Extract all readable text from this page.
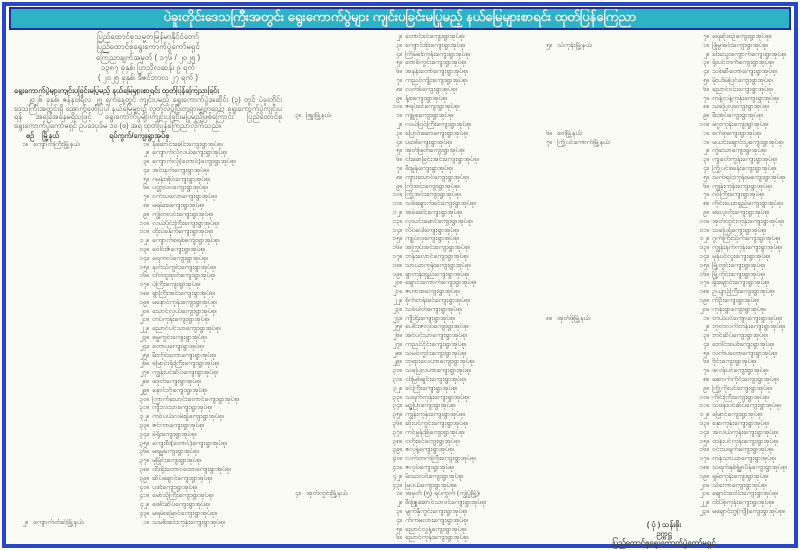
ပဲခူးတိုင်းဒေသကြီးအတွင်း ရွေးကောက်ပွဲများ ကျင်းပခြင်းမပြုမည့် နယ်မြေများစာရင်း ထုတ်ပြန်ကြေညာ
ပြည်ထောင်စုသမ္မတမြန်မာနိုင်ငံတော်
ပြည်ထောင်စုရွေးကောက်ပွဲကော်မရှင်
ကြေညာချက်အမှတ် ( ၁၇၆ / ၂၀၂၅ )
၁၃၈၇ ခုနှစ်၊ ပြာသိုလဆန်း ၉ ရက်
( ၂၀၂၅ ခုနှစ်၊ ဒီဇင်ဘာလ ၂၇ ရက် )
ရွေးကောက်ပွဲများကျင်းပခြင်းမပြုမည့် နယ်မြေများစာရင်း ထုတ်ပြန်ကြေညာခြင်း
၂၀၂၆ ခုနှစ်၊ ဇန်နဝါရီလ ၂၅ ရက်နေ့တွင် ကျင်းပမည့် ရွေးကောက်ပွဲအဆိုင်း (၃) တွင် ပဲခူးတိုင်းဒေသကြီးအတွင်းရှိ အောက်ဖော်ပြပါ နယ်မြေများ၌ လွတ်လပ်ပြီးတရားမျှတသော ရွေးကောက်ပွဲကျင်းပရန် အခြေအနေမရှိသဖြင့် ရွေးကောက်ပွဲများကျင်းပခြင်းမပြုမည့်ဖြစ်ကြောင်း ပြည်ထောင်စုရွေးကောက်ပွဲကော်မရှင် ဥပဒေပုဒ်မ ၁၀ (စ) အရ ထုတ်ပြန်ကြေညာလိုက်သည်။
စဉ် မြို့နယ်	ရပ်ကွက်/ကျေးရွာအုပ်စု
၁။ ကျောက်ကြီးမြို့နယ်	၁။ နီဆောင်းခေါင်းကျေးရွာအုပ်စု၊
၂။ ကျောက်လုံလယ်ကျေးရွာအုပ်စု၊
၃။ ကျောက်လုံ(တောင်)ကျေးရွာအုပ်စု၊
၄။ အင်းနက်ကျေးရွာအုပ်စု၊
၅။ ဂမုန်းအိုင်ကျေးရွာအုပ်စု၊
၆။ ပတ္တလဝကျေးရွာအုပ်စု၊
၇။ ဝက်သလောကျေးရွာအုပ်စု၊
၈။ မရမ်းခကျေးရွာအုပ်စု၊
၉။ ကျွဲတလင်းကျေးရွာအုပ်စု၊
၁၀။ လယ်ပိုင်းကြီးကျေးရွာအုပ်စု၊
၁၁။ ထိုးပဲခနိုက်ကျေးရွာအုပ်စု၊
၁၂။ ကျောက်စရစ်ကျေးရွာအုပ်စု၊
၁၃။ ဝေါင်းဇိကျေးရွာအုပ်စု၊
၁၄။ ရေကလဲကျေးရွာအုပ်စု၊
၁၅။ နတ်သံကွင်းကျေးရွာအုပ်စု၊
၁၆။ င/ဗထူးစုတ်ကျေးရွာအုပ်စု၊
၁၇။ ပဲကြီးကျေးရွာအုပ်စု၊
၁၈။ ရွာကြီးအင်းကျေးရွာအုပ်စု၊
၁၉။ မနောင်ကုန်းကျေးရွာအုပ်စု၊
၂၀။ သောင်လှယ်ကျေးရွာအုပ်စု၊
၂၁။ တပ်ကုန်းကျေးရွာအုပ်စု၊
၂၂။ ညောင်ပင်သာကျေးရွာအုပ်စု၊
၂၃။ ဓမ္မကွင်းကျေးရွာအုပ်စု၊
၂၄။ တောပုကျေးရွာအုပ်စု၊
၂၅။ မီးတိုင်တောကျေးရွာအုပ်စု၊
၂၆။ မြောင်းရိုးကြီးကျေးရွာအုပ်စု၊
၂၇။ ကျွန်းပင်ဆိပ်ကျေးရွာအုပ်စု၊
၂၈။ ဖဒုတ်ကျေးရွာအုပ်စု၊
၂၉။ နောင်ဘိုကျေးရွာအုပ်စု၊
၃၀။ ကြာကံသောင်းတောင်ကျေးရွာအုပ်စု၊
၃၁။ ကျီးလသာကျေးရွာအုပ်စု၊
၃၂။ ကဝ်ပယ်လမ်းခွဲကျေးရွာအုပ်စု၊
၃၃။ ဇင်ကာကျေးရွာအုပ်စု၊
၃၄။ ခဲရိုးကျေးရွာအုပ်စု၊
၃၅။ ကျေးစီး(တောင်)ကျေးရွာအုပ်စု၊
၃၆။ မရမ္မကျေးရွာအုပ်စု၊
၃၇။ မုမြိုင်းကျေးရွာအုပ်စု၊
၃၈။ ထီးရိုးတောဝထောကျေးရွာအုပ်စု၊
၃၉။ ဆိပ်ချောင်ကျေးရွာအုပ်စု၊
၄၀။ ပဒါးကျေးရွာအုပ်စု၊
၄၁။ မော်သိုကြီးကျေးရွာအုပ်စု၊
၄၂။ ဖေါင်ဆိပ်ကျေးရွာအုပ်စု၊
၄၃။ မရမ်းမြောင်ကျေးရွာအုပ်စု။
၂။ ကျောက်တံခါးမြို့နယ်	၁။ သမစိအင်းကုန်းကျေးရွာအုပ်စု၊
၂။ တောင်ခင်ကျေးရွာအုပ်စု၊
၃။ ကျောင်းစိုးကျေးရွာအုပ်စု၊
၄။ ကြိမ်ခါးကုန်းကျေးရွာအုပ်စု၊
၅။ ဗောဓိကွင်းကျေးရွာအုပ်စု၊
၆။ အနန်းတော်ကျေးရွာအုပ်စု၊
၇။ ကညင်ကျိုးကျေးရွာအုပ်စု၊
၈။ လက်ခံကျေးရွာအုပ်စု၊
၉။ နံ့စကျေးရွာအုပ်စု၊
၁၀။ ဇရပ်ခင်ကျေးရွာအုပ်စု၊
၃။ ဖြူးမြို့နယ်	၁။ ကျူစုကျေးရွာအုပ်စု၊
၂။ လယ်ပြင်ကြီးကျေးရွာအုပ်စု၊
၃။ ပြောင်ဆောကျေးရွာအုပ်စု၊
၄။ ပဒေါကျေးရွာအုပ်စု၊
၅။ အုတ်ဖြတ်ကျေးရွာအုပ်စု၊
၆။ ငါးဆေခြင်းအင်းကျေးရွာအုပ်စု၊
၇။ ဓီးမွန်ကျေးရွာအုပ်စု၊
၈။ ကျားသောင်ကျေးရွာအုပ်စု၊
၉။ ကြံအင်းကျေးရွာအုပ်စု၊
၁၀။ ကြို့အင်းကျေးရွာအုပ်စု၊
၁၁။ သစ်ချောက်ခင်ကျေးရွာအုပ်စု၊
၁၂။ အခဲခေါင်ကျေးရွာအုပ်စု၊
၁၃။ လှသင်းမောင်ကျေးရွာအုပ်စု၊
၁၄။ လိပ်ပေါကျေးရွာအုပ်စု၊
၁၅။ ကျုပ်လှကျေးရွာအုပ်စု၊
၁၆။ အကြုပ်အင်းကျေးရွာအုပ်စု၊
၁၇။ ဘန်းလောင်ကျေးရွာအုပ်စု၊
၁၈။ သာယာကုန်းကျေးရွာအုပ်စု၊
၁၉။ ရွာတန်းရှည်ကျေးရွာအုပ်စု၊
၂၀။ ချောင်းကောက်ကျေးရွာအုပ်စု၊
၂၁။ ဇဟာအကျေးရွာအုပ်စု၊
၂၂။ စိုက်တန်းခင်ကျေးရွာအုပ်စု၊
၂၃။ သစ်ပါတ်ကျေးရွာအုပ်စု၊
၂၄။ ကျီးရိုးကျေးရွာအုပ်စု၊
၂၅။ ပေါင်းဇလုပ်ကျေးရွာအုပ်စု၊
၂၆။ အင်ပင်သာကျေးရွာအုပ်စု၊
၂၇။ ကညင်ငိုင်းကျေးရွာအုပ်စု၊
၂၈။ သမင်ကွင်းကျေးရွာအုပ်စု၊
၂၉။ ဘုရားလေဟာကျေးရွာအုပ်စု၊
၃၀။ သပြေလဟာကျေးရွာအုပ်စု၊
၃၁။ ငါးမြစ်ချင်းကျေးရွာအုပ်စု၊
၃၂။ ခင်ကြီးကျေးရွာအုပ်စု၊
၃၃။ သရက်ကုန်းကျေးရွာအုပ်စု၊
၃၄။ မဥ္ဇပြာကျေးရွာအုပ်စု၊
၃၅။ ကျွန်းကုန်းကျေးရွာအုပ်စု၊
၃၆။ ဆိုးပင်ကွင်းကျေးရွာအုပ်စု၊
၃၇။ ကင်မွန်းခြံကျေးရွာအုပ်စု၊
၃၈။ ငတိုးခင်ကျေးရွာအုပ်စု၊
၃၉။ ဇလုန့်ကျေးရွာအုပ်စု၊
၄၀။ လက်တက်ကြီးကျေးရွာအုပ်စု၊
၄၁။ ဇလုပ်ကျေးရွာအုပ်စု၊
၄၂။ မိဿလင်ကျေးရွာအုပ်စု၊
၄၃။ မြပယ်ကျေးရွာအုပ်စု။
၄။ အုတ်တွင်းမြို့နယ်	၁။ အမှတ် (၅) ရပ်ကွက် (ကျွဲပွဲမြို့)၊
၂။ ဓီးဖြူဆောင်သာဝင်ကျေးရွာအုပ်စု၊
၃။ မျက်နှီကွင်းကျေးရွာအုပ်စု၊
၄။ ကံကမလားကျေးရွာအုပ်စု၊
၅။ ညောင်လွန့်ကျေးရွာအုပ်စု၊
၆။ ညောင်ကုန်းကျေးရွာအုပ်စု၊
၇။ ရေဆိုးစဉ်ကျေးရွာအုပ်စု။
၅။ သဲကုန်းမြို့နယ်	၁။ ဖြုံမွအင်းကျေးရွာအုပ်စု၊
၂။ ခါးသွေးကျောက်ကျေးရွာအုပ်စု၊
၃။ ရုံးပင်တက်ကျေးရွာအုပ်စု၊
၄။ သစ်ဆီတောကျေးရွာအုပ်စု၊
၅။ မိုးပဒိမ်ပြင်ကျေးရွာအုပ်စု၊
၆။ ညောင်ဝင်းကျေးရွာအုပ်စု၊
၇။ ကန့်လန့်ကုန်းကျေးရွာအုပ်စု၊
၈။ သပြေလှကျေးရွာအုပ်စု၊
၉။ ဓီးအုပ်ကျေးရွာအုပ်စု၊
၁၀။ မဂွးကုန်းကျေးရွာအုပ်စု၊
၆။ ဝေါမြို့နယ်	၁။ စက်စုကျေးရွာအုပ်စု၊
၇။ ကြို့ပင်ကောက်မြို့နယ်	၁။ မယင်းချောင်းပွကျေးရွာအုပ်စု၊
၂။ ကွဲသောကျေးရွာအုပ်စု၊
၃။ ကျခတ်ကွန်းကျေးရွာအုပ်စု၊
၄။ ကြို့ပင်စခန်းကျေးရွာအုပ်စု၊
၅။ သက်ရင်းကုန်းမကျေးရွာအုပ်စု၊
၆။ ကျွန်းကုန်းကျေးရွာအုပ်စု၊
၇။ ဂဝ်ကြီးကျေးရွာအုပ်စု၊
၈။ ကိုင်းယောရှည်ကျေးရွာအုပ်စု၊
၉။ ဓလေ့တုံးကျေးရွာအုပ်စု၊
၁၀။ အုတ်တွင်းကုန်းကျေးရွာအုပ်စု၊
၁၁။ သပြေရုံကျေးရွာအုပ်စု၊
၁၂။ ဂွက်ကြီးသိုက်ကျေးရွာအုပ်စု၊
၁၃။ ကျွန်းနက်ကုန်းကျေးရွာအုပ်စု၊
၁၄။ မုန်ပင်လူးကျေးရွာအုပ်စု၊
၁၅။ မြို့တွင်းကျေးရွာအုပ်စု၊
၁၆။ မြို့ကိုင်းကျေးရွာအုပ်စု၊
၁၇။ ရုံးချောင်းကျေးရွာအုပ်စု၊
၁၈။ ဥယျာဉ်ကြီးကျေးရွာအုပ်စု၊
၁၉။ ကံဦးကျေးရွာအုပ်စု၊
၂၀။ ကုန်းရွာကျေးရွာအုပ်စု၊
၈။ အုတ်ဖိုမြို့နယ်	၁။ တယ်ပင်ကျောကျေးရွာအုပ်စု၊
၂။ ဘုတလက်တန်းကျေးရွာအုပ်စု၊
၃။ ဘင်ဆိပ်ကျေးရွာအုပ်စု၊
၄။ ဘေါင်းစပါးကျေးရွာအုပ်စု၊
၅။ လက်ပတောကျေးရွာအုပ်စု၊
၆။ ဗိုင်းကျေးရွာအုပ်စု၊
၇။ ဖလန်ပင်ကျေးရွာအုပ်စု၊
၈။ ဆောက်ကိုင်းကျေးရွာအုပ်စု၊
၉။ ကြို့ကိုးပင်ကျေးရွာအုပ်စု၊
၁၀။ ကိုင်းကြီးကျေးရွာအုပ်စု၊
၁၁။ သဖန်းပင်ဆိပ်ကျေးရွာအုပ်စု၊
၁၂။ မြောင်ကျေးရွာအုပ်စု၊
၁၃။ နှောကုန်းကျေးရွာအုပ်စု၊
၁၄။ အလယ်ကုန်းကျေးရွာအုပ်စု၊
၁၅။ ထန်းပင်ကုန်းကျေးရွာအုပ်စု၊
၁၆။ ဝင်းသရက်ကျေးရွာအုပ်စု၊
၁၇။ ကန်သာယာကျေးရွာအုပ်စု၊
၁၈။ သရက်နှစ်မြွှာပိန်ကျေးရွာအုပ်စု၊
၁၉။ ရှမ်းကုန်းကျေးရွာအုပ်စု၊
၂၀။ သဲကောကျေးရွာအုပ်စု၊
၂၁။ ချောင်းဝေါင်းကျေးရွာအုပ်စု၊
၂၂။ ငါးပိစ့်ကုန်းကျေးရွာအုပ်စု။
၂၃။ မချောင်းဂွ(ကျီ)ကျေးရွာအုပ်စု။
( ပုံ ) သန်းစိုး
ဥက္ကဋ္ဌ
ပြည်ထောင်စုရွေးကောက်ပွဲကော်မရှင်
